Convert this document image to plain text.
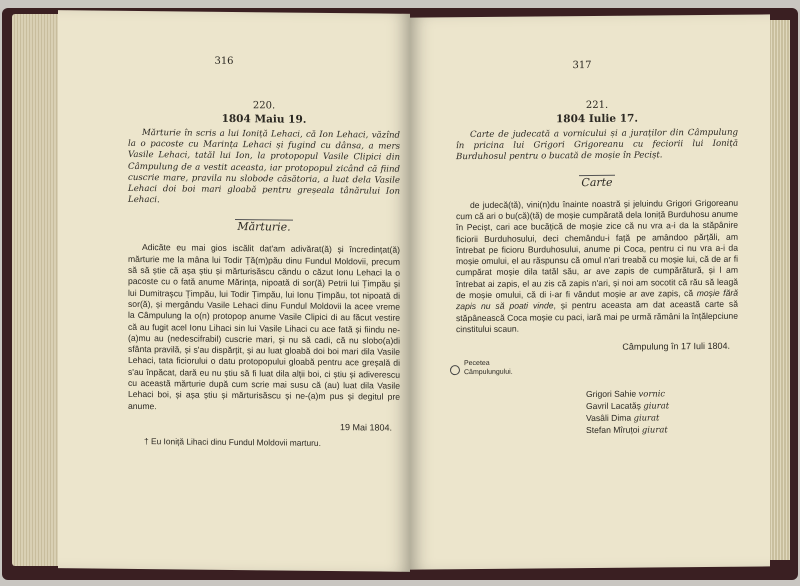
316

220.

1804 Maiu 19.

Mărturie în scris a lui Ioniță Lehaci, că Ion Lehaci, văzînd la o pacoste cu Marința Lehaci și fugind cu dânsa, a mers Vasile Lehaci, tatăl lui Ion, la protopopul Vasile Clipici din Câmpulung de a vestit aceasta, iar protopopul zicând că fiind cuscrie mare, pravila nu slobode căsătoria, a luat dela Vasile Lehaci doi boi mari gloabă pentru greșeala tânărului Ion Lehaci.

Mărturie.

Adicăte eu mai gios iscălit dat'am adivărat(ă) și încredințat(ă) mărturie me la mâna lui Todir Ță(m)pău dinu Fundul Moldovii, precum să să știe că așa știu și mărturisăscu căndu o căzut Ionu Lehaci la o pacoste cu o fată anume Mărința, nipoată di sor(ă) Petrii lui Țimpău și lui Dumitrașcu Țimpău, lui Todir Țimpău, lui Ionu Țimpău, tot nipoată di sor(ă), și mergându Vasile Lehaci dinu Fundul Moldovii la acee vreme la Câmpulung la o(n) protopop anume Vasile Clipici di au făcut vestire că au fugit acel Ionu Lihaci sin lui Vasile Lihaci cu ace fată și fiindu ne-(a)mu au (nedescifrabil) cuscrie mari, și nu să cadi, că nu slobo(a)di sfânta pravilă, și s'au dispărțit, și au luat gloabă doi boi mari dila Vasile Lehaci, tata ficiorului o datu protopopului gloabă pentru ace greșală di s'au înpăcat, dară eu nu știu să fi luat dila alții boi, ci știu și adiverescu cu această mărturie după cum scrie mai susu că (au) luat dila Vasile Lehaci boi, și așa știu și mărturisăscu și ne-(a)m pus și degitul pre anume.

19 Mai 1804.
† Eu Ioniță Lihaci dinu Fundul Moldovii marturu.
317

221.

1804 Iulie 17.

Carte de judecată a vornicului și a juraților din Câmpulung în pricina lui Grigori Grigoreanu cu feciorii lui Ioniță Burduhosul pentru o bucată de moșie în Pecișt.

Carte

de judecă(tă), vini(n)du înainte noastră și jeluindu Grigori Grigoreanu cum că ari o bu(că)(tă) de moșie cumpărată dela Ioniță Burduhosu anume în Pecișt, cari ace bucățică de moșie zice că nu vra a-i da la stăpânire ficiorii Burduhosului, deci chemându-i față pe amândoo părțăli, am întrebat pe ficioru Burduhosului, anume pi Coca, pentru ci nu vra a-i da moșie omului, el au răspunsu că omul n'ari treabă cu moșie lui, că de ar fi cumpărat moșie dila tatăl său, ar ave zapis de cumpărătură, și l am întrebat ai zapis, el au zis că zapis n'ari, și noi am socotit că rău să leagă de moșie omului, că di i-ar fi vândut moșie ar ave zapis, că moșie fără zapis nu să poati vinde, și pentru aceasta am dat această carte să stăpânească Coca moșie cu paci, iară mai pe urmă rămâni la înțălepciune cinstitului scaun.

Câmpulung în 17 Iuli 1804.
Pecetea
Câmpulungului.
Grigori Sahie vornic
Gavril Lacatăș giurat
Vasâli Dima giurat
Stefan Mîruțoi giurat
